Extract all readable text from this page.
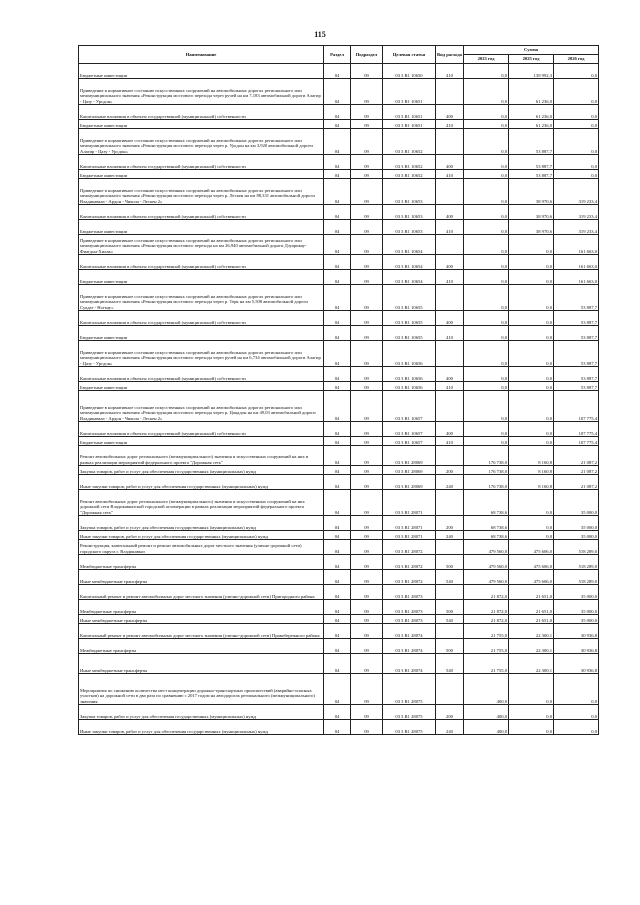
115
Наименование	Раздел	Подраздел	Целевая статья	Вид расхода	Сумма		
					2023 год	2025 год	2026 год
Бюджетные инвестиции	04	09	03 3 R1 10650	410	0,0	139 992,3	0,0
Приведение в нормативное состояние искусственных сооружений на автомобильных дорогах регионального или межмуниципального значения «Реконструкция мостового перехода через ручей на км 7,183 автомобильной дороги Алагир - Цазу - Урсдон»	04	09	03 3 R1 10651		0,0	61 236,0	0,0
Капитальные вложения в объекты государственной (муниципальной) собственности	04	09	03 3 R1 10651	400	0,0	61 236,0	0,0
Бюджетные инвестиции	04	09	03 3 R1 10651	410	0,0	61 236,0	0,0
Приведение в нормативное состояние искусственных сооружений на автомобильных дорогах регионального или межмуниципального значения «Реконструкция мостового перехода через р. Урсдон на км 3,920 автомобильной дороги Алагир - Цазу - Урсдон»	04	09	03 3 R1 10652		0,0	53 887,7	0,0
Капитальные вложения в объекты государственной (муниципальной) собственности	04	09	03 3 R1 10652	400	0,0	53 887,7	0,0
Бюджетные инвестиции	04	09	03 3 R1 10652	410	0,0	53 887,7	0,0
Приведение в нормативное состояние искусственных сооружений на автомобильных дорогах регионального или межмуниципального значения «Реконструкция мостового перехода через р. Лескен на км 88,331 автомобильной дороги Владикавказ - Ардон - Чикола - Лескен 2»	04	09	03 3 R1 10653		0,0	38 970,6	319 233,4
Капитальные вложения в объекты государственной (муниципальной) собственности	04	09	03 3 R1 10653	400	0,0	38 970,6	319 233,4
Бюджетные инвестиции	04	09	03 3 R1 10653	410	0,0	38 970,6	319 233,4
Приведение в нормативное состояние искусственных сооружений на автомобильных дорогах регионального или межмуниципального значения «Реконструкция мостового перехода на км 26,940 автомобильной дороги Дзуарикау-Фиагдон-Хилак»	04	09	03 3 R1 10654		0,0	0,0	161 663,0
Капитальные вложения в объекты государственной (муниципальной) собственности	04	09	03 3 R1 10654	400	0,0	0,0	161 663,0
Бюджетные инвестиции	04	09	03 3 R1 10654	410	0,0	0,0	161 663,0
Приведение в нормативное состояние искусственных сооружений на автомобильных дорогах регионального или межмуниципального значения «Реконструкция мостового перехода через р. Терк на км 5,508 автомобильной дороги Суадаг - Ногкау»	04	09	03 3 R1 10655		0,0	0,0	53 887,7
Капитальные вложения в объекты государственной (муниципальной) собственности	04	09	03 3 R1 10655	400	0,0	0,0	53 887,7
Бюджетные инвестиции	04	09	03 3 R1 10655	410	0,0	0,0	53 887,7
Приведение в нормативное состояние искусственных сооружений на автомобильных дорогах регионального или межмуниципального значения «Реконструкция мостового перехода через ручей на км 6,734 автомобильной дороги Алагир - Цазу - Урсдон»	04	09	03 3 R1 10656		0,0	0,0	53 887,7
Капитальные вложения в объекты государственной (муниципальной) собственности	04	09	03 3 R1 10656	400	0,0	0,0	53 887,7
Бюджетные инвестиции	04	09	03 3 R1 10656	410	0,0	0,0	53 887,7
Приведение в нормативное состояние искусственных сооружений на автомобильных дорогах регионального или межмуниципального значения «Реконструкция мостового перехода через р. Цацадон на км 49,03 автомобильной дороги Владикавказ - Ардон - Чикола - Лескен 2»	04	09	03 3 R1 10657		0,0	0,0	107 775,4
Капитальные вложения в объекты государственной (муниципальной) собственности	04	09	03 3 R1 10657	400	0,0	0,0	107 775,4
Бюджетные инвестиции	04	09	03 3 R1 10657	410	0,0	0,0	107 775,4
Ремонт автомобильных дорог регионального (межмуниципального) значения и искусственных сооружений на них в рамках реализации мероприятий федерального проекта "Дорожная сеть"	04	09	03 3 R1 28069		176 738,0	8 160,8	21 087,2
Закупка товаров, работ и услуг для обеспечения государственных (муниципальных) нужд	04	09	03 3 R1 28069	200	176 738,0	8 160,8	21 087,2
Иные закупки товаров, работ и услуг для обеспечения государственных (муниципальных) нужд	04	09	03 3 R1 28069	240	176 738,0	8 160,8	21 087,2
Ремонт автомобильных дорог регионального (межмуниципального) значения и искусственных сооружений на них дорожной сети Владикавказской городской агломерации в рамках реализации мероприятий федерального проекта "Дорожная сеть"	04	09	03 3 R1 28071		68 738,6	0,0	35 000,0
Закупка товаров, работ и услуг для обеспечения государственных (муниципальных) нужд	04	09	03 3 R1 28071	200	68 738,6	0,0	35 000,0
Иные закупки товаров, работ и услуг для обеспечения государственных (муниципальных) нужд	04	09	03 3 R1 28071	240	68 738,6	0,0	35 000,0
Реконструкция, капитальный ремонт и ремонт автомобильных дорог местного значения (улично-дорожной сети) городского округа г. Владикавказ	04	09	03 3 R1 28072		479 560,0	475 606,0	518 289,0
Межбюджетные трансферты	04	09	03 3 R1 28072	500	479 560,0	475 606,0	518 289,0
Иные межбюджетные трансферты	04	09	03 3 R1 28072	540	479 560,0	475 606,0	518 289,0
Капитальный ремонт и ремонт автомобильных дорог местного значения (улично-дорожной сети) Пригородного района	04	09	03 3 R1 28073		21 872,0	21 651,0	35 000,0
Межбюджетные трансферты	04	09	03 3 R1 28073	500	21 872,0	21 651,0	35 000,0
Иные межбюджетные трансферты	04	09	03 3 R1 28073	540	21 872,0	21 651,0	35 000,0
Капитальный ремонт и ремонт автомобильных дорог местного значения (улично-дорожной сети) Правобережного района	04	09	03 3 R1 28074		21 755,0	22 300,1	30 936,8
Межбюджетные трансферты	04	09	03 3 R1 28074	500	21 755,0	22 300,1	30 936,8
Иные межбюджетные трансферты	04	09	03 3 R1 28074	540	21 755,0	22 300,1	30 936,8
Мероприятия по снижению количества мест концентрации дорожно-транспортных происшествий (аварийно-опасных участков) на дорожной сети в два раза по сравнению с 2017 годом на автодорогах регионального (межмуниципального) значения	04	09	03 3 R1 28075		400,0	0,0	0,0
Закупка товаров, работ и услуг для обеспечения государственных (муниципальных) нужд	04	09	03 3 R1 28075	200	400,0	0,0	0,0
Иные закупки товаров, работ и услуг для обеспечения государственных (муниципальных) нужд	04	09	03 3 R1 28075	240	400,0	0,0	0,0
